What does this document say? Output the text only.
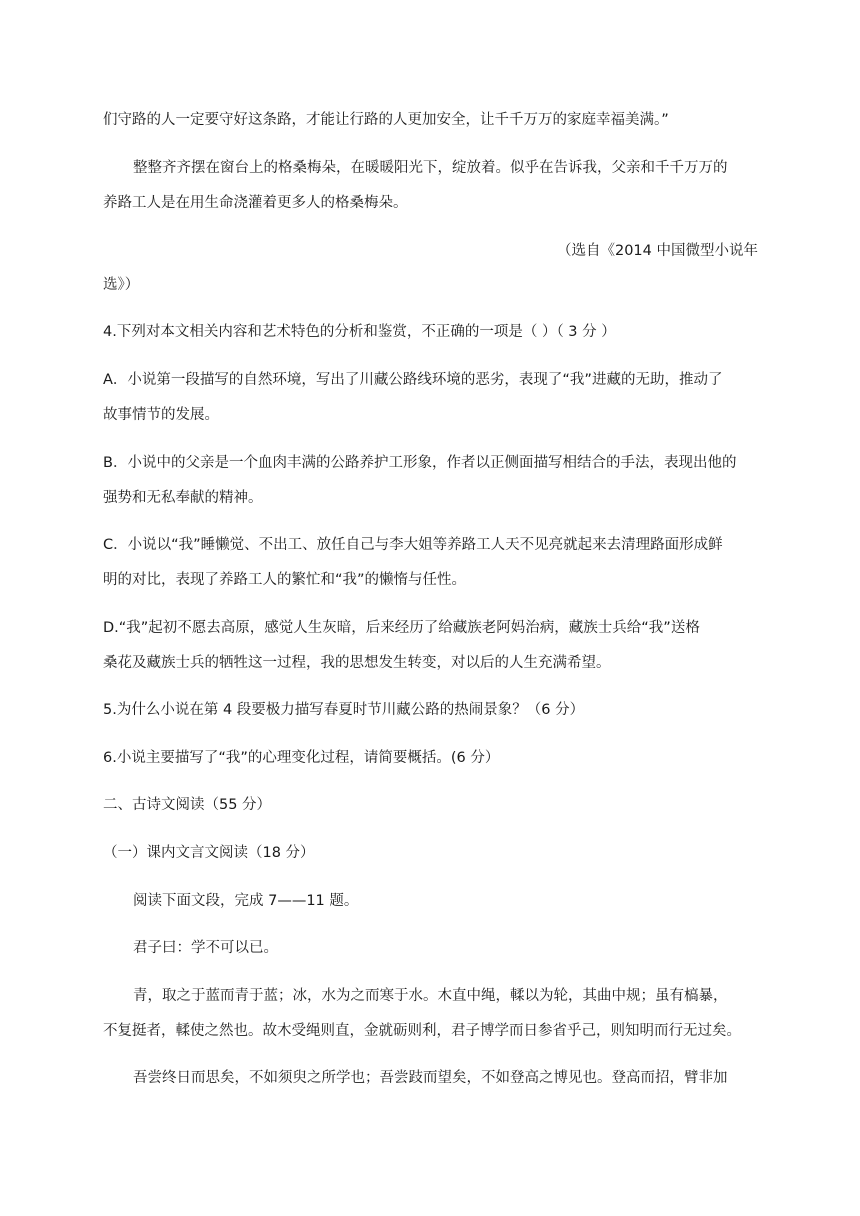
们守路的人一定要守好这条路，才能让行路的人更加安全，让千千万万的家庭幸福美满。”
整整齐齐摆在窗台上的格桑梅朵，在暖暖阳光下，绽放着。似乎在告诉我，父亲和千千万万的
养路工人是在用生命浇灌着更多人的格桑梅朵。
（选自《2014 中国微型小说年
选》）
4.下列对本文相关内容和艺术特色的分析和鉴赏，不正确的一项是（ ）（ 3 分 ）
A．小说第一段描写的自然环境，写出了川藏公路线环境的恶劣，表现了“我”进藏的无助，推动了
故事情节的发展。
B．小说中的父亲是一个血肉丰满的公路养护工形象，作者以正侧面描写相结合的手法，表现出他的
强势和无私奉献的精神。
C．小说以“我”睡懒觉、不出工、放任自己与李大姐等养路工人天不见亮就起来去清理路面形成鲜
明的对比，表现了养路工人的繁忙和“我”的懒惰与任性。
D.“我”起初不愿去高原，感觉人生灰暗，后来经历了给藏族老阿妈治病，藏族士兵给“我”送格
桑花及藏族士兵的牺牲这一过程，我的思想发生转变，对以后的人生充满希望。
5.为什么小说在第 4 段要极力描写春夏时节川藏公路的热闹景象？（6 分）
6.小说主要描写了“我”的心理变化过程，请简要概括。(6 分）
二、古诗文阅读（55 分）
（一）课内文言文阅读（18 分）
阅读下面文段，完成 7——11 题。
君子曰：学不可以已。
青，取之于蓝而青于蓝；冰，水为之而寒于水。木直中绳，輮以为轮，其曲中规；虽有槁暴，
不复挺者，輮使之然也。故木受绳则直，金就砺则利，君子博学而日参省乎己，则知明而行无过矣。
吾尝终日而思矣，不如须臾之所学也；吾尝跂而望矣，不如登高之博见也。登高而招，臂非加
